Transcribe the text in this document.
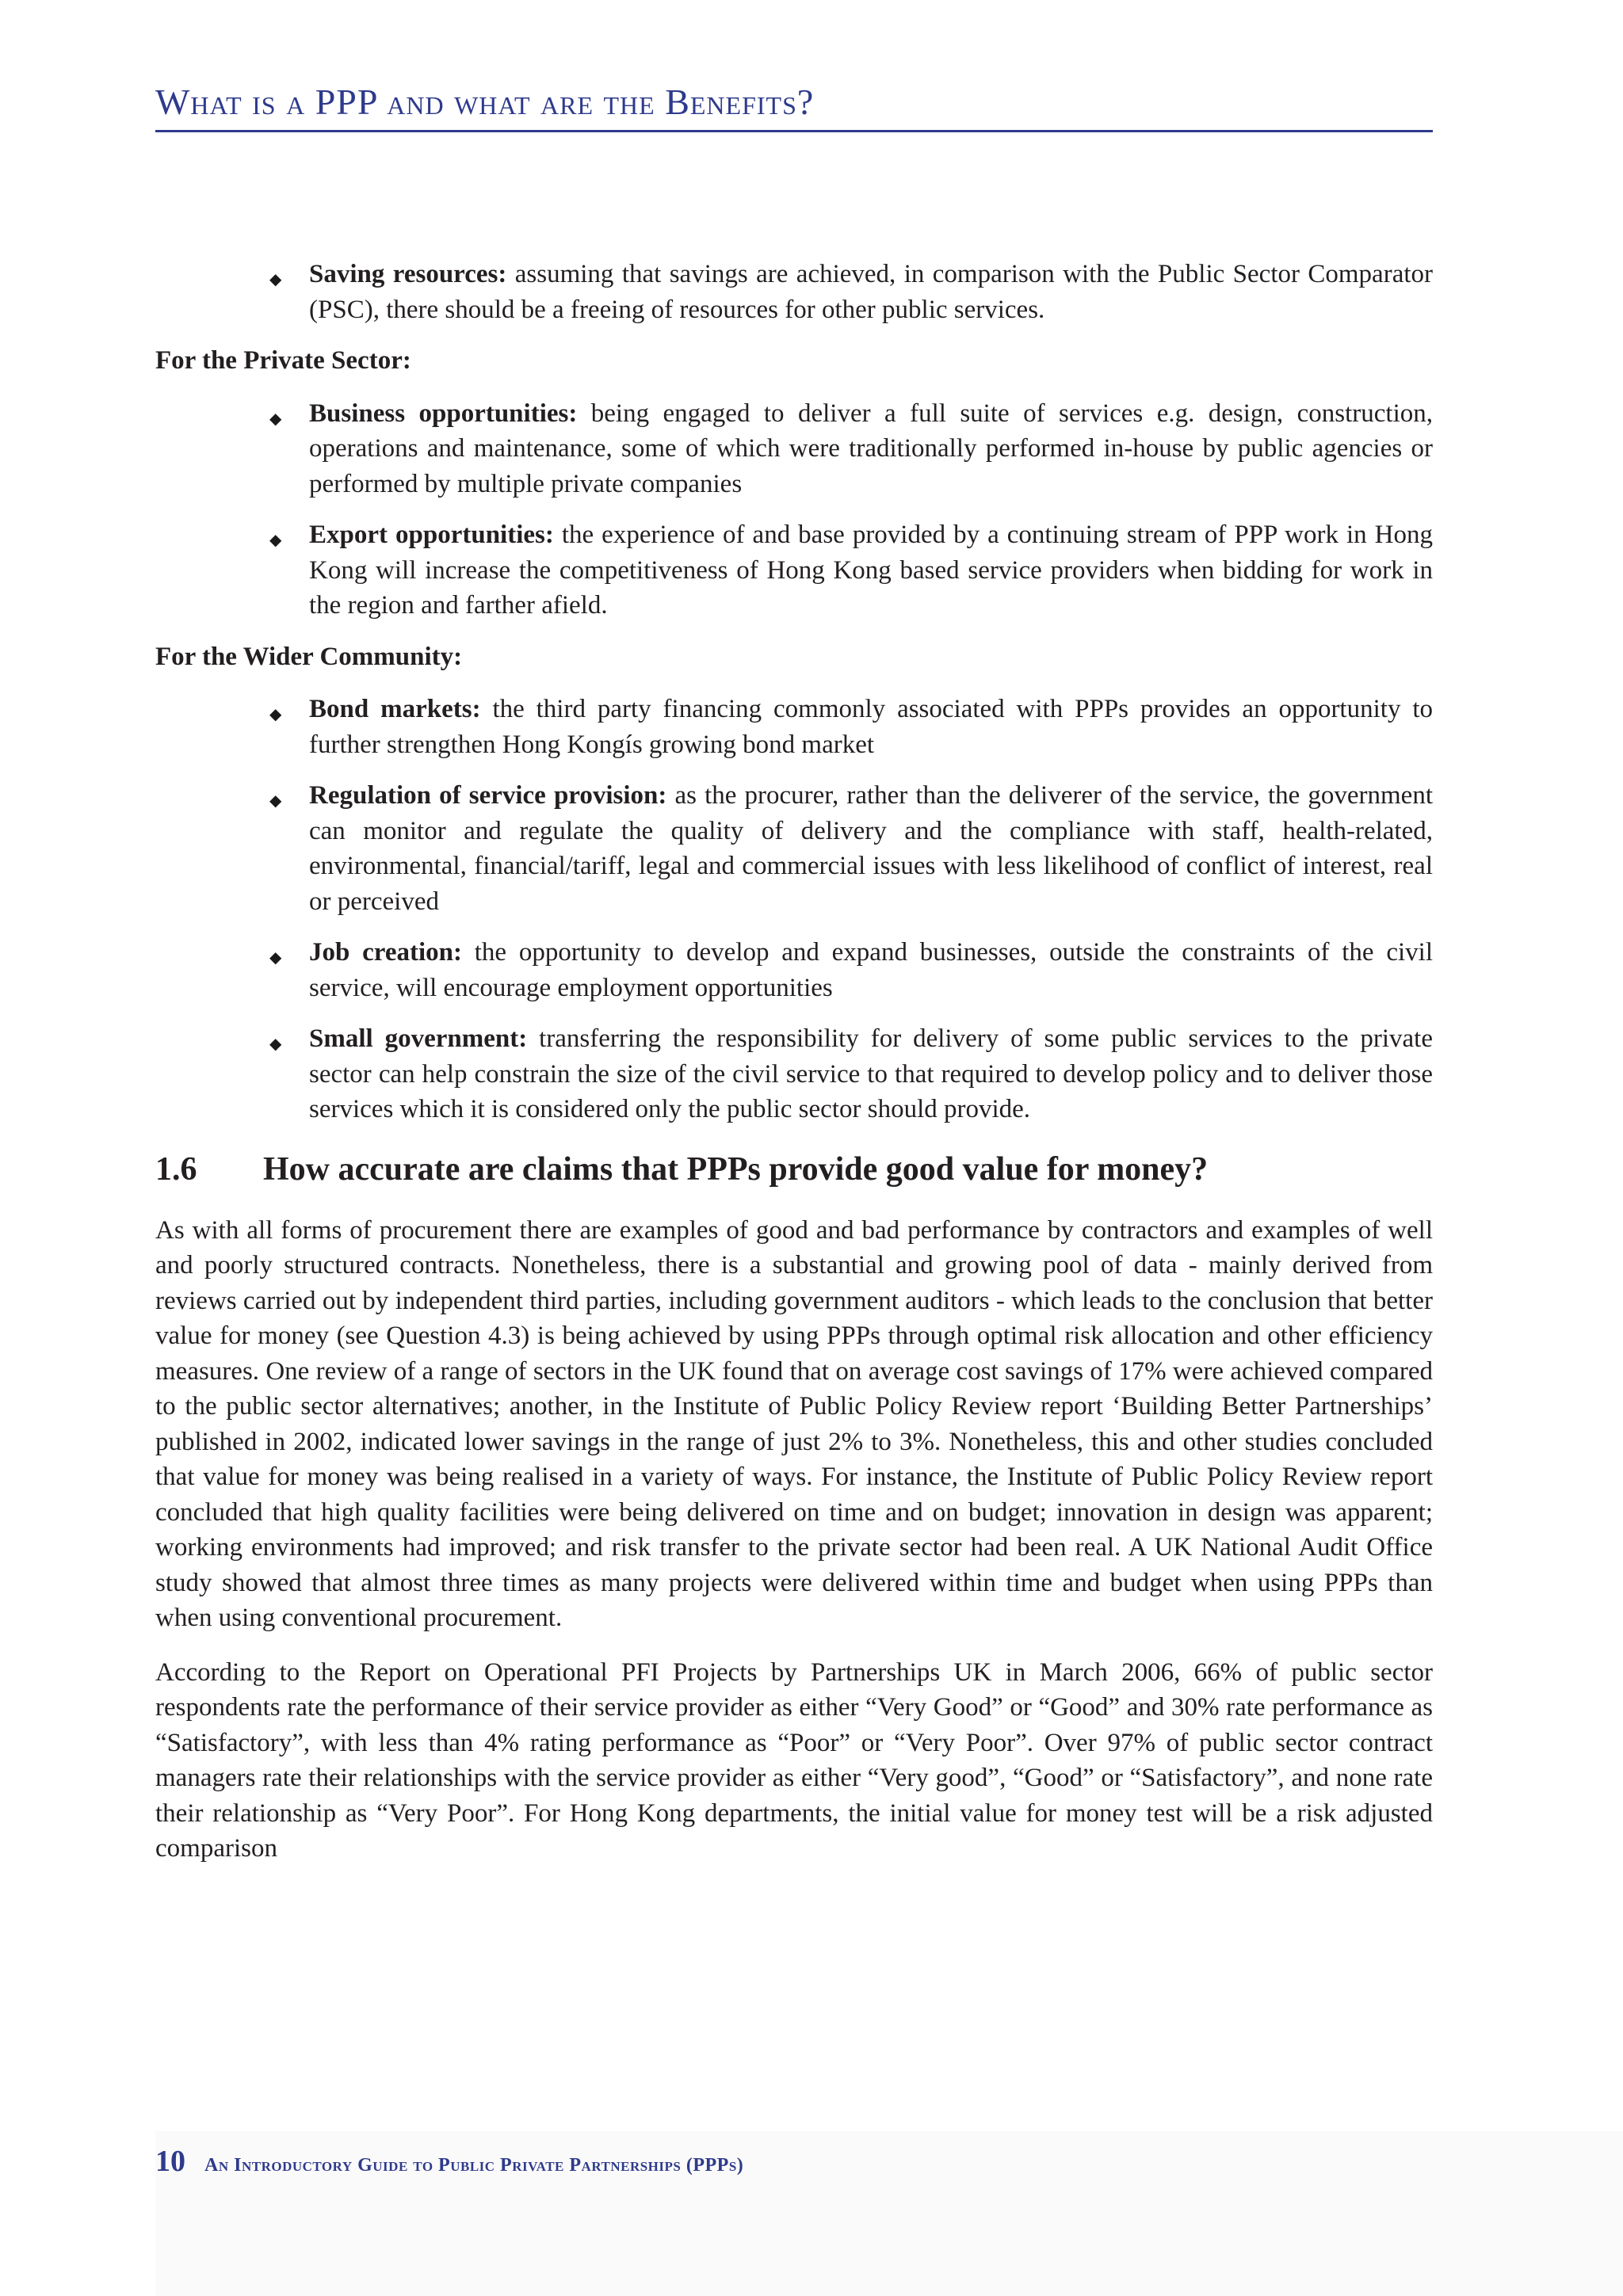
What is a PPP and what are the Benefits?
◆ Saving resources: assuming that savings are achieved, in comparison with the Public Sector Comparator (PSC), there should be a freeing of resources for other public services.

For the Private Sector:

◆ Business opportunities: being engaged to deliver a full suite of services e.g. design, construction, operations and maintenance, some of which were traditionally performed in-house by public agencies or performed by multiple private companies
◆ Export opportunities: the experience of and base provided by a continuing stream of PPP work in Hong Kong will increase the competitiveness of Hong Kong based service providers when bidding for work in the region and farther afield.

For the Wider Community:

◆ Bond markets: the third party financing commonly associated with PPPs provides an opportunity to further strengthen Hong Kongís growing bond market
◆ Regulation of service provision: as the procurer, rather than the deliverer of the service, the government can monitor and regulate the quality of delivery and the compliance with staff, health-related, environmental, financial/tariff, legal and commercial issues with less likelihood of conflict of interest, real or perceived
◆ Job creation: the opportunity to develop and expand businesses, outside the constraints of the civil service, will encourage employment opportunities
◆ Small government: transferring the responsibility for delivery of some public services to the private sector can help constrain the size of the civil service to that required to develop policy and to deliver those services which it is considered only the public sector should provide.
1.6	How accurate are claims that PPPs provide good value for money?

As with all forms of procurement there are examples of good and bad performance by contractors and examples of well and poorly structured contracts. Nonetheless, there is a substantial and growing pool of data - mainly derived from reviews carried out by independent third parties, including government auditors - which leads to the conclusion that better value for money (see Question 4.3) is being achieved by using PPPs through optimal risk allocation and other efficiency measures. One review of a range of sectors in the UK found that on average cost savings of 17% were achieved compared to the public sector alternatives; another, in the Institute of Public Policy Review report ‘Building Better Partnerships’ published in 2002, indicated lower savings in the range of just 2% to 3%. Nonetheless, this and other studies concluded that value for money was being realised in a variety of ways. For instance, the Institute of Public Policy Review report concluded that high quality facilities were being delivered on time and on budget; innovation in design was apparent; working environments had improved; and risk transfer to the private sector had been real. A UK National Audit Office study showed that almost three times as many projects were delivered within time and budget when using PPPs than when using conventional procurement.

According to the Report on Operational PFI Projects by Partnerships UK in March 2006, 66% of public sector respondents rate the performance of their service provider as either “Very Good” or “Good” and 30% rate performance as “Satisfactory”, with less than 4% rating performance as “Poor” or “Very Poor”. Over 97% of public sector contract managers rate their relationships with the service provider as either “Very good”, “Good” or “Satisfactory”, and none rate their relationship as “Very Poor”. For Hong Kong departments, the initial value for money test will be a risk adjusted comparison

10 An Introductory Guide to Public Private Partnerships (PPPs)
